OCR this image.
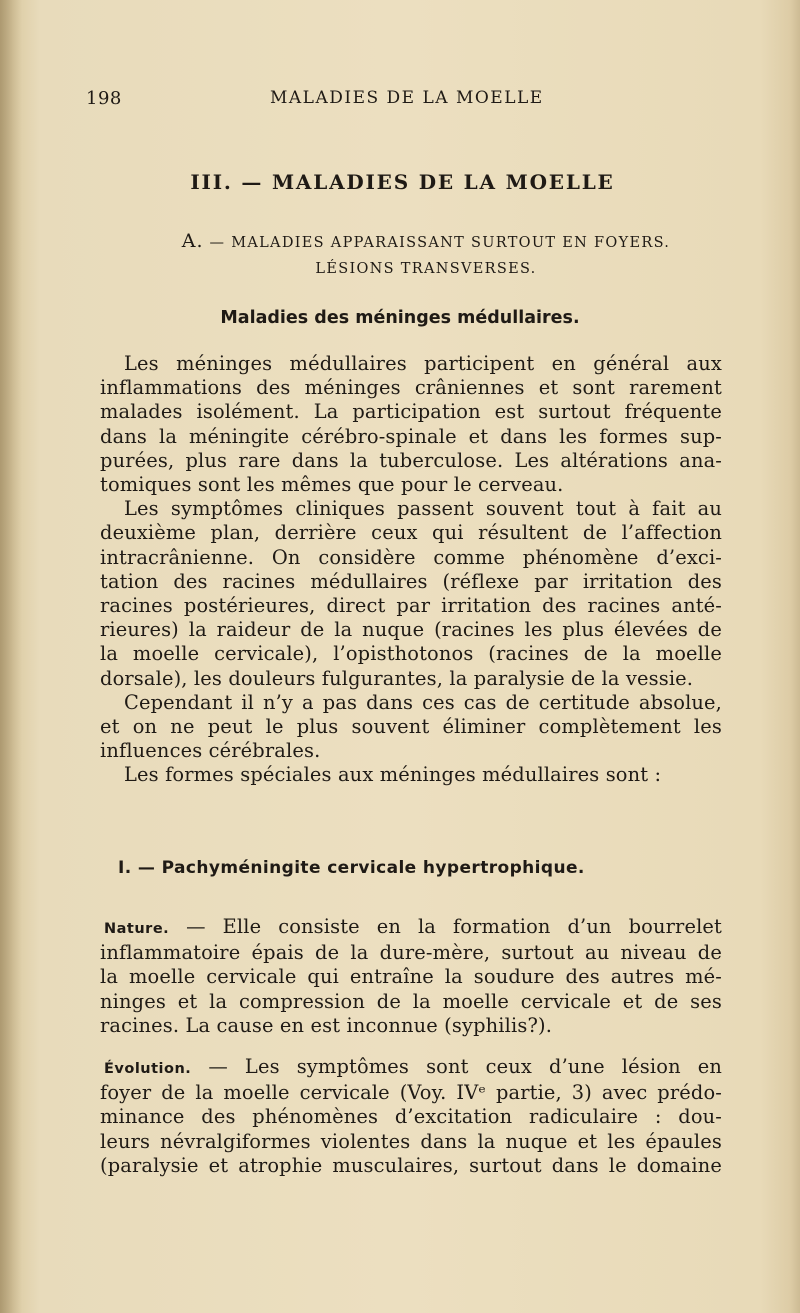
198	MALADIES DE LA MOELLE
III. — MALADIES DE LA MOELLE
A. — MALADIES APPARAISSANT SURTOUT EN FOYERS.
LÉSIONS TRANSVERSES.
Maladies des méninges médullaires.
Les méninges médullaires participent en général aux
inflammations des méninges crâniennes et sont rarement
malades isolément. La participation est surtout fréquente
dans la méningite cérébro-spinale et dans les formes sup-
purées, plus rare dans la tuberculose. Les altérations ana-
tomiques sont les mêmes que pour le cerveau.
Les symptômes cliniques passent souvent tout à fait au
deuxième plan, derrière ceux qui résultent de l’affection
intracrânienne. On considère comme phénomène d’exci-
tation des racines médullaires (réflexe par irritation des
racines postérieures, direct par irritation des racines anté-
rieures) la raideur de la nuque (racines les plus élevées de
la moelle cervicale), l’opisthotonos (racines de la moelle
dorsale), les douleurs fulgurantes, la paralysie de la vessie.
Cependant il n’y a pas dans ces cas de certitude absolue,
et on ne peut le plus souvent éliminer complètement les
influences cérébrales.
Les formes spéciales aux méninges médullaires sont :
I. — Pachyméningite cervicale hypertrophique.
Nature. — Elle consiste en la formation d’un bourrelet
inflammatoire épais de la dure-mère, surtout au niveau de
la moelle cervicale qui entraîne la soudure des autres mé-
ninges et la compression de la moelle cervicale et de ses
racines. La cause en est inconnue (syphilis?).
Évolution. — Les symptômes sont ceux d’une lésion en
foyer de la moelle cervicale (Voy. IVᵉ partie, 3) avec prédo-
minance des phénomènes d’excitation radiculaire : dou-
leurs névralgiformes violentes dans la nuque et les épaules
(paralysie et atrophie musculaires, surtout dans le domaine
